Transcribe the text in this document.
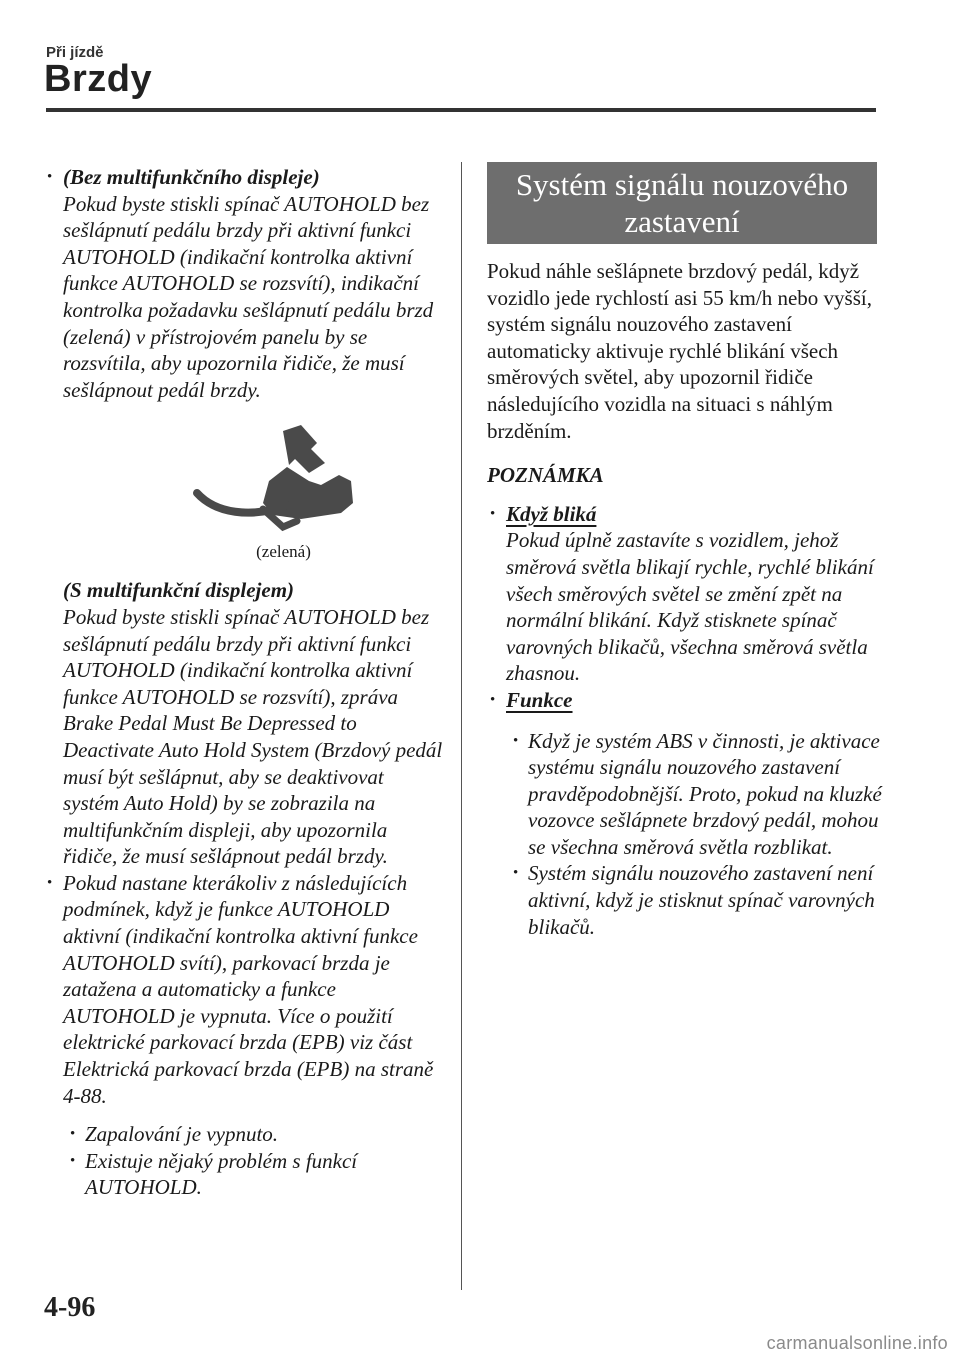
Při jízdě
Brzdy
• (Bez multifunkčního displeje)

Pokud byste stiskli spínač AUTOHOLD bez sešlápnutí pedálu brzdy při aktivní funkci AUTOHOLD (indikační kontrolka aktivní funkce AUTOHOLD se rozsvítí), indikační kontrolka požadavku sešlápnutí pedálu brzd (zelená) v přístrojovém panelu by se rozsvítila, aby upozornila řidiče, že musí sešlápnout pedál brzdy.

(zelená)

(S multifunkční displejem)

Pokud byste stiskli spínač AUTOHOLD bez sešlápnutí pedálu brzdy při aktivní funkci AUTOHOLD (indikační kontrolka aktivní funkce AUTOHOLD se rozsvítí), zpráva Brake Pedal Must Be Depressed to Deactivate Auto Hold System (Brzdový pedál musí být sešlápnut, aby se deaktivovat systém Auto Hold) by se zobrazila na multifunkčním displeji, aby upozornila řidiče, že musí sešlápnout pedál brzdy.

• Pokud nastane kterákoliv z následujících podmínek, když je funkce AUTOHOLD aktivní (indikační kontrolka aktivní funkce AUTOHOLD svítí), parkovací brzda je zatažena a automaticky a funkce AUTOHOLD je vypnuta. Více o použití elektrické parkovací brzda (EPB) viz část Elektrická parkovací brzda (EPB) na straně 4-88.

• Zapalování je vypnuto.

• Existuje nějaký problém s funkcí AUTOHOLD.

Systém signálu nouzového zastavení

Pokud náhle sešlápnete brzdový pedál, když vozidlo jede rychlostí asi 55 km/h nebo vyšší, systém signálu nouzového zastavení automaticky aktivuje rychlé blikání všech směrových světel, aby upozornil řidiče následujícího vozidla na situaci s náhlým brzděním.

POZNÁMKA

• Když bliká

Pokud úplně zastavíte s vozidlem, jehož směrová světla blikají rychle, rychlé blikání všech směrových světel se změní zpět na normální blikání. Když stisknete spínač varovných blikačů, všechna směrová světla zhasnou.

• Funkce

• Když je systém ABS v činnosti, je aktivace systému signálu nouzového zastavení pravděpodobnější. Proto, pokud na kluzké vozovce sešlápnete brzdový pedál, mohou se všechna směrová světla rozblikat.

• Systém signálu nouzového zastavení není aktivní, když je stisknut spínač varovných blikačů.

4-96
carmanualsonline.info
